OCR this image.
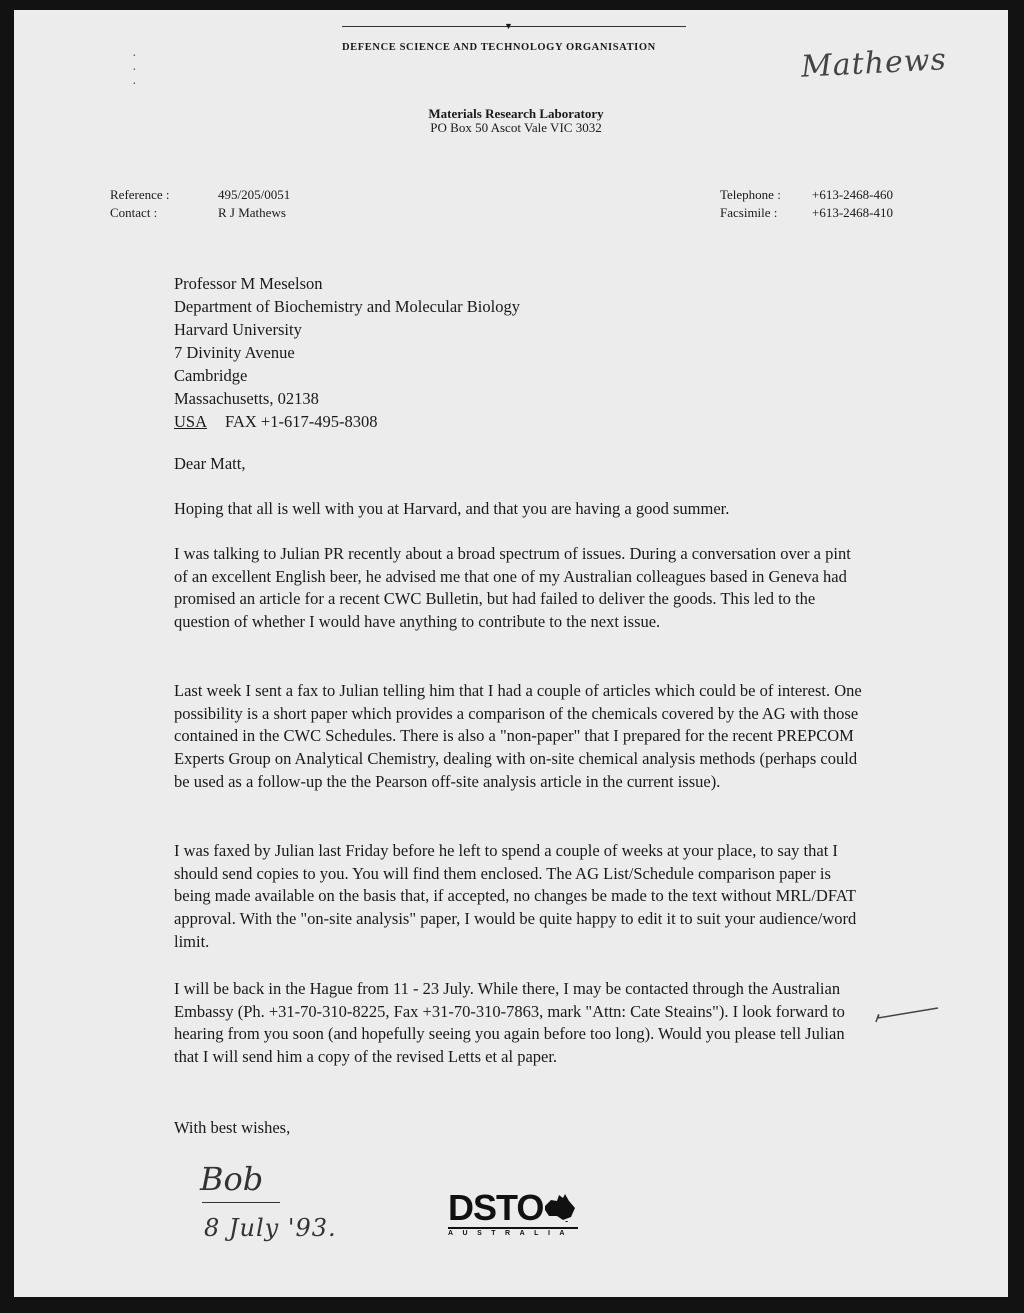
·
·
·
▼
DEFENCE SCIENCE AND TECHNOLOGY ORGANISATION	Mathews
Materials Research Laboratory
PO Box 50 Ascot Vale VIC 3032
Reference :	495/205/0051
Contact :	R J Mathews
Telephone : +613-2468-460
Facsimile :	+613-2468-410
Professor M Meselson
Department of Biochemistry and Molecular Biology
Harvard University
7 Divinity Avenue
Cambridge
Massachusetts, 02138
USA FAX +1-617-495-8308
Dear Matt,

Hoping that all is well with you at Harvard, and that you are having a good summer.

I was talking to Julian PR recently about a broad spectrum of issues. During a conversation over a pint of an excellent English beer, he advised me that one of my Australian colleagues based in Geneva had promised an article for a recent CWC Bulletin, but had failed to deliver the goods. This led to the question of whether I would have anything to contribute to the next issue.

Last week I sent a fax to Julian telling him that I had a couple of articles which could be of interest. One possibility is a short paper which provides a comparison of the chemicals covered by the AG with those contained in the CWC Schedules. There is also a "non-paper" that I prepared for the recent PREPCOM Experts Group on Analytical Chemistry, dealing with on-site chemical analysis methods (perhaps could be used as a follow-up the the Pearson off-site analysis article in the current issue).

I was faxed by Julian last Friday before he left to spend a couple of weeks at your place, to say that I should send copies to you. You will find them enclosed. The AG List/Schedule comparison paper is being made available on the basis that, if accepted, no changes be made to the text without MRL/DFAT approval. With the "on-site analysis" paper, I would be quite happy to edit it to suit your audience/word limit.

I will be back in the Hague from 11 - 23 July. While there, I may be contacted through the Australian Embassy (Ph. +31-70-310-8225, Fax +31-70-310-7863, mark "Attn: Cate Steains"). I look forward to hearing from you soon (and hopefully seeing you again before too long). Would you please tell Julian that I will send him a copy of the revised Letts et al paper.

With best wishes,
Bob
8 July '93.	DSTO
AUSTRALIA
